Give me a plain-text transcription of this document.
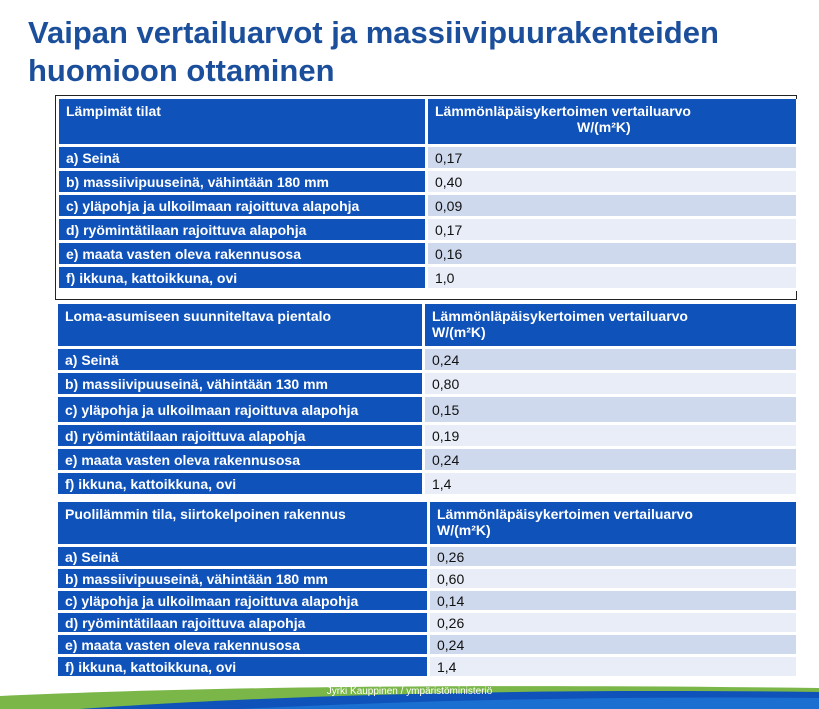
Vaipan vertailuarvot ja massiivipuurakenteiden
huomioon ottaminen
Lämpimät tilat	Lämmönläpäisykertoimen vertailuarvo
W/(m²K)

a) Seinä	0,17
b) massiivipuuseinä, vähintään 180 mm	0,40
c) yläpohja ja ulkoilmaan rajoittuva alapohja	0,09
d) ryömintätilaan rajoittuva alapohja	0,17
e) maata vasten oleva rakennusosa	0,16
f) ikkuna, kattoikkuna, ovi	1,0
Loma-asumiseen suunniteltava pientalo	Lämmönläpäisykertoimen vertailuarvo
W/(m²K)

a) Seinä	0,24
b) massiivipuuseinä, vähintään 130 mm	0,80
c) yläpohja ja ulkoilmaan rajoittuva alapohja	0,15
d) ryömintätilaan rajoittuva alapohja	0,19
e) maata vasten oleva rakennusosa	0,24
f) ikkuna, kattoikkuna, ovi	1,4
Puolilämmin tila, siirtokelpoinen rakennus	Lämmönläpäisykertoimen vertailuarvo
W/(m²K)

a) Seinä	0,26
b) massiivipuuseinä, vähintään 180 mm	0,60
c) yläpohja ja ulkoilmaan rajoittuva alapohja	0,14
d) ryömintätilaan rajoittuva alapohja	0,26
e) maata vasten oleva rakennusosa	0,24
f) ikkuna, kattoikkuna, ovi	1,4
Jyrki Kauppinen / ympäristöministeriö
